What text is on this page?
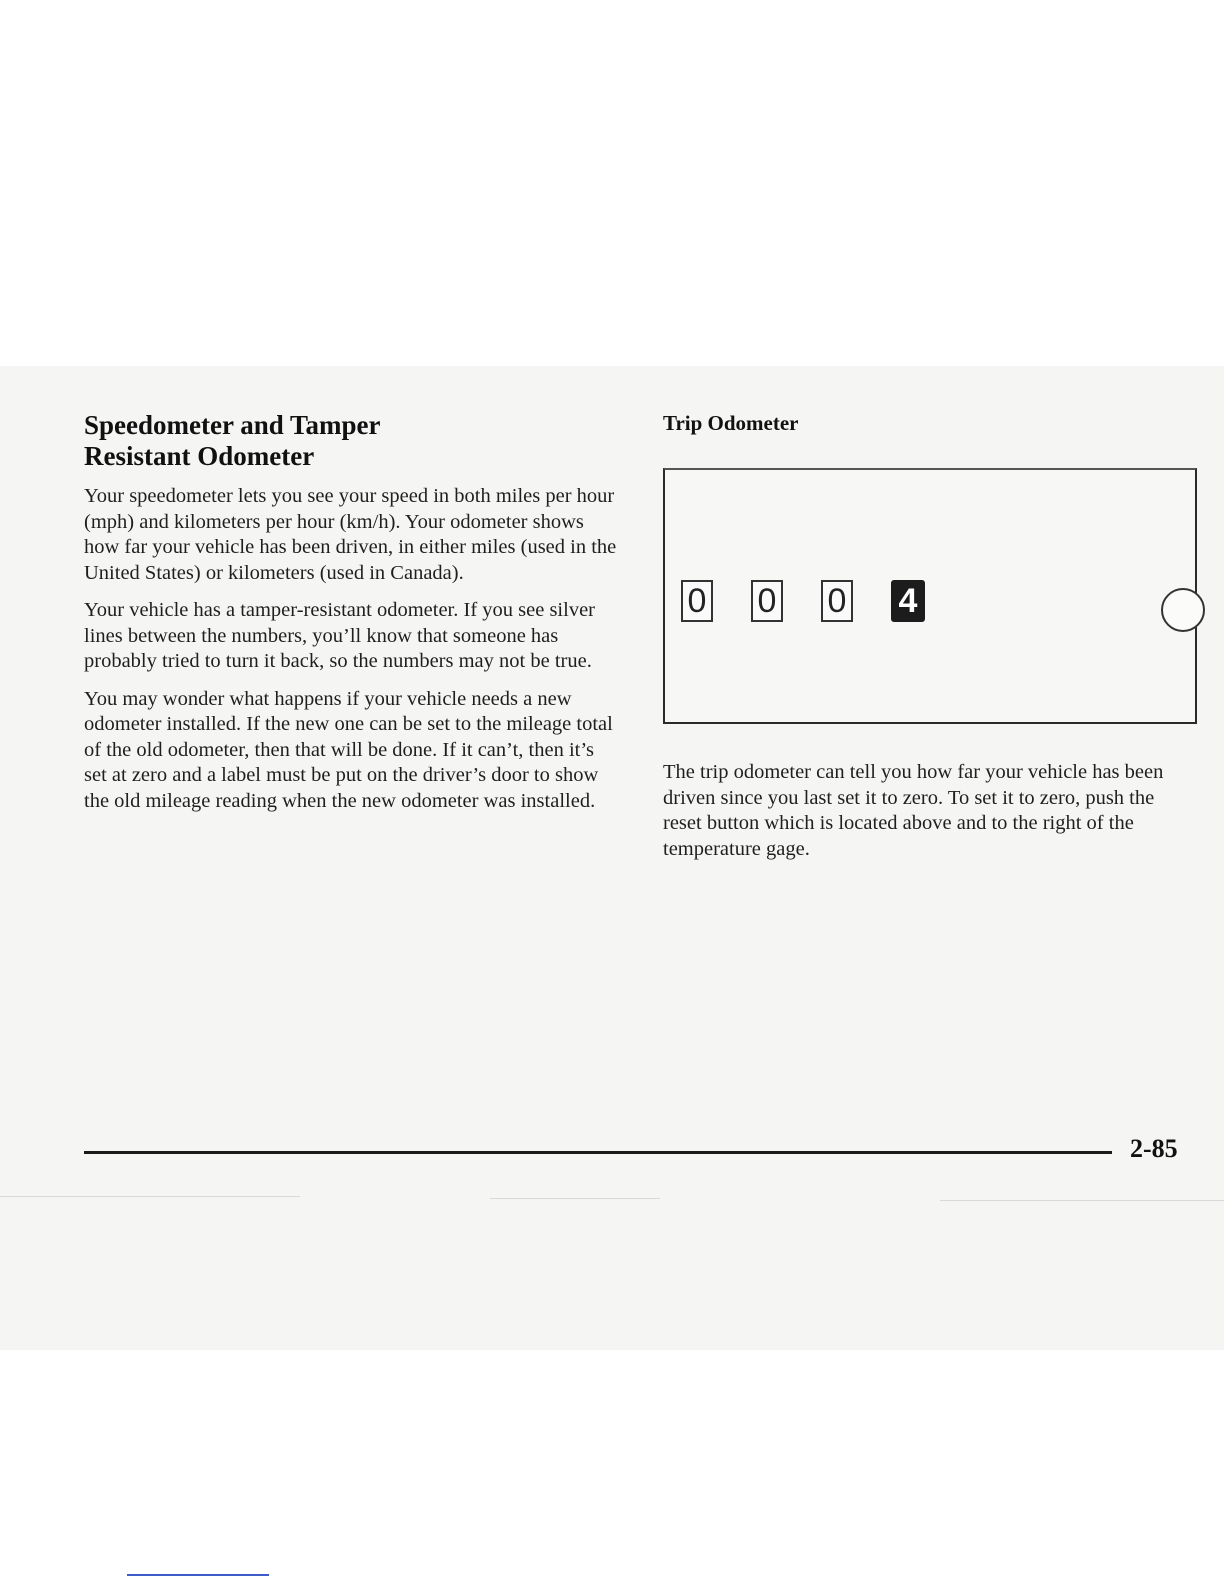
Speedometer and Tamper
Resistant Odometer

Your speedometer lets you see your speed in both miles per hour (mph) and kilometers per hour (km/h). Your odometer shows how far your vehicle has been driven, in either miles (used in the United States) or kilometers (used in Canada).

Your vehicle has a tamper-resistant odometer. If you see silver lines between the numbers, you’ll know that someone has probably tried to turn it back, so the numbers may not be true.

You may wonder what happens if your vehicle needs a new odometer installed. If the new one can be set to the mileage total of the old odometer, then that will be done. If it can’t, then it’s set at zero and a label must be put on the driver’s door to show the old mileage reading when the new odometer was installed.

Trip Odometer
0 0 0 4

The trip odometer can tell you how far your vehicle has been driven since you last set it to zero. To set it to zero, push the reset button which is located above and to the right of the temperature gage.

2-85
